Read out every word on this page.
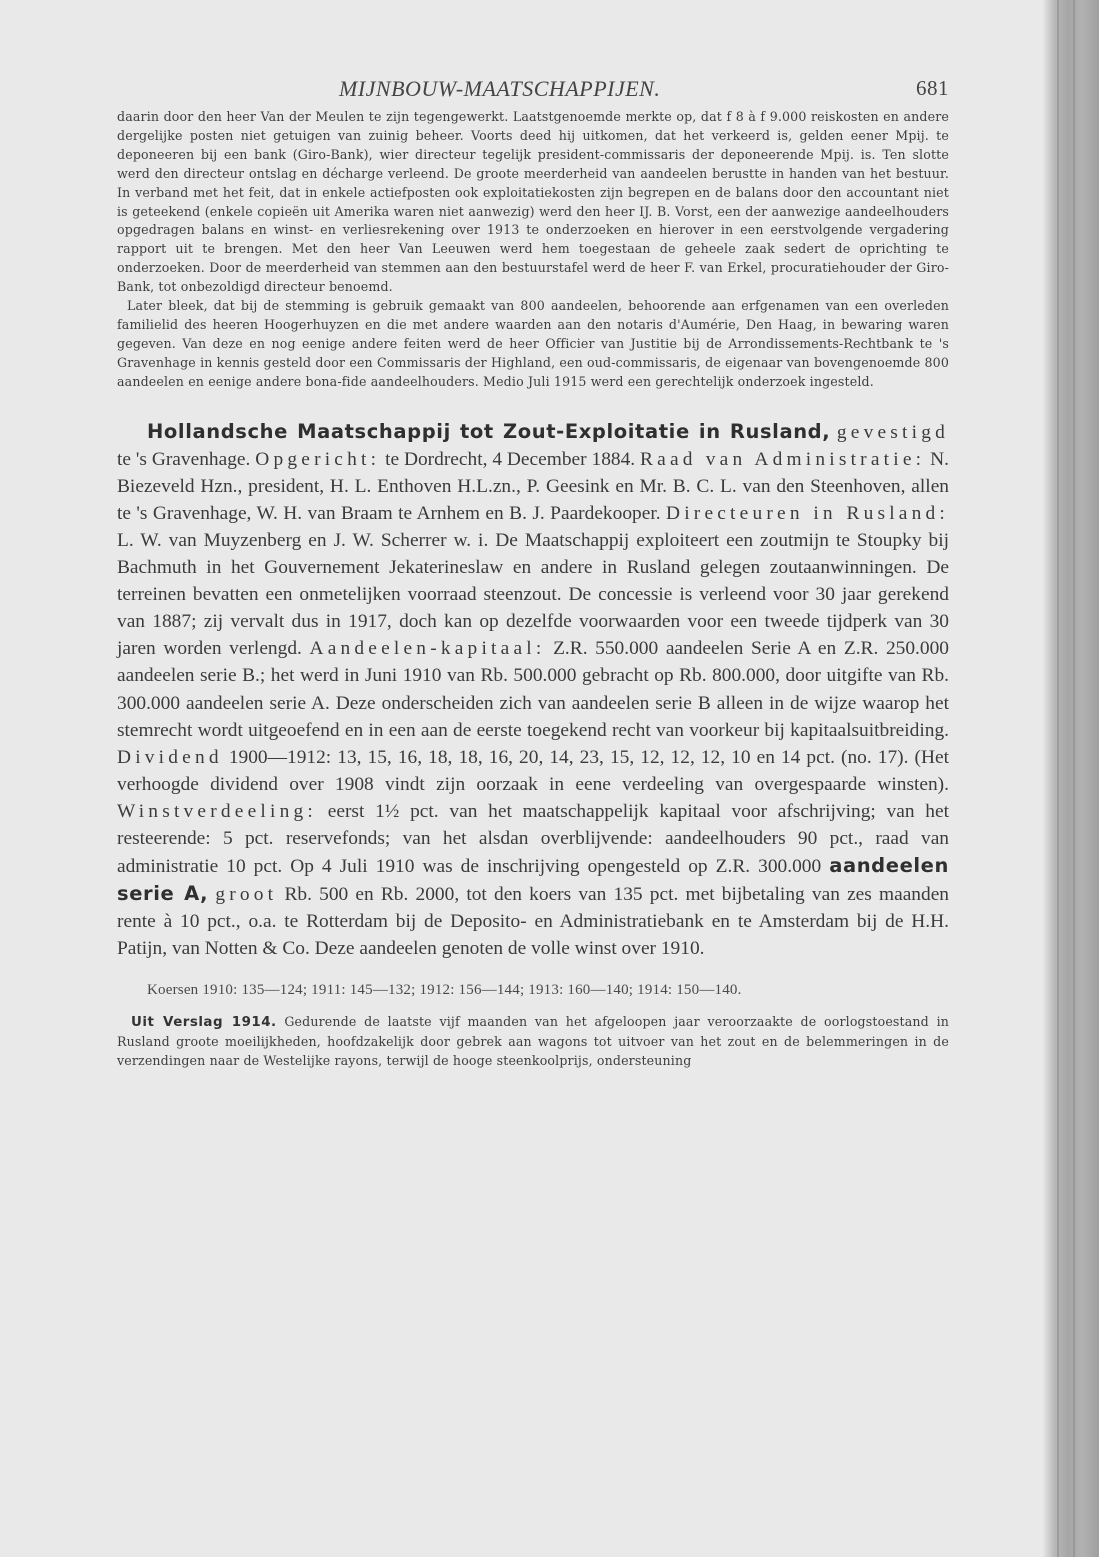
MIJNBOUW-MAATSCHAPPIJEN.	681

daarin door den heer Van der Meulen te zijn tegengewerkt. Laatstgenoemde merkte op, dat f 8 à f 9.000 reiskosten en andere dergelijke posten niet getuigen van zuinig beheer. Voorts deed hij uitkomen, dat het verkeerd is, gelden eener Mpij. te deponeeren bij een bank (Giro-Bank), wier directeur tegelijk president-commissaris der deponeerende Mpij. is. Ten slotte werd den directeur ontslag en décharge verleend. De groote meerderheid van aandeelen berustte in handen van het bestuur. In verband met het feit, dat in enkele actiefposten ook exploitatiekosten zijn begrepen en de balans door den accountant niet is geteekend (enkele copieën uit Amerika waren niet aanwezig) werd den heer IJ. B. Vorst, een der aanwezige aandeelhouders opgedragen balans en winst- en verliesrekening over 1913 te onderzoeken en hierover in een eerstvolgende vergadering rapport uit te brengen. Met den heer Van Leeuwen werd hem toegestaan de geheele zaak sedert de oprichting te onderzoeken. Door de meerderheid van stemmen aan den bestuurstafel werd de heer F. van Erkel, procuratiehouder der Giro-Bank, tot onbezoldigd directeur benoemd.

Later bleek, dat bij de stemming is gebruik gemaakt van 800 aandeelen, behoorende aan erfgenamen van een overleden familielid des heeren Hoogerhuyzen en die met andere waarden aan den notaris d'Aumérie, Den Haag, in bewaring waren gegeven. Van deze en nog eenige andere feiten werd de heer Officier van Justitie bij de Arrondissements-Rechtbank te 's Gravenhage in kennis gesteld door een Commissaris der Highland, een oud-commissaris, de eigenaar van bovengenoemde 800 aandeelen en eenige andere bona-fide aandeelhouders. Medio Juli 1915 werd een gerechtelijk onderzoek ingesteld.

Hollandsche Maatschappij tot Zout-Exploitatie in Rusland, gevestigd te 's Gravenhage. Opgericht: te Dordrecht, 4 December 1884. Raad van Administratie: N. Biezeveld Hzn., president, H. L. Enthoven H.L.zn., P. Geesink en Mr. B. C. L. van den Steenhoven, allen te 's Gravenhage, W. H. van Braam te Arnhem en B. J. Paardekooper. Directeuren in Rusland: L. W. van Muyzenberg en J. W. Scherrer w. i. De Maatschappij exploiteert een zoutmijn te Stoupky bij Bachmuth in het Gouvernement Jekaterineslaw en andere in Rusland gelegen zoutaanwinningen. De terreinen bevatten een onmetelijken voorraad steenzout. De concessie is verleend voor 30 jaar gerekend van 1887; zij vervalt dus in 1917, doch kan op dezelfde voorwaarden voor een tweede tijdperk van 30 jaren worden verlengd. Aandeelen-kapitaal: Z.R. 550.000 aandeelen Serie A en Z.R. 250.000 aandeelen serie B.; het werd in Juni 1910 van Rb. 500.000 gebracht op Rb. 800.000, door uitgifte van Rb. 300.000 aandeelen serie A. Deze onderscheiden zich van aandeelen serie B alleen in de wijze waarop het stemrecht wordt uitgeoefend en in een aan de eerste toegekend recht van voorkeur bij kapitaalsuitbreiding. Dividend 1900—1912: 13, 15, 16, 18, 18, 16, 20, 14, 23, 15, 12, 12, 12, 10 en 14 pct. (no. 17). (Het verhoogde dividend over 1908 vindt zijn oorzaak in eene verdeeling van overgespaarde winsten). Winstverdeeling: eerst 1½ pct. van het maatschappelijk kapitaal voor afschrijving; van het resteerende: 5 pct. reservefonds; van het alsdan overblijvende: aandeelhouders 90 pct., raad van administratie 10 pct. Op 4 Juli 1910 was de inschrijving opengesteld op Z.R. 300.000 aandeelen serie A, groot Rb. 500 en Rb. 2000, tot den koers van 135 pct. met bijbetaling van zes maanden rente à 10 pct., o.a. te Rotterdam bij de Deposito- en Administratiebank en te Amsterdam bij de H.H. Patijn, van Notten & Co. Deze aandeelen genoten de volle winst over 1910.

Koersen 1910: 135—124; 1911: 145—132; 1912: 156—144; 1913: 160—140; 1914: 150—140.

Uit Verslag 1914. Gedurende de laatste vijf maanden van het afgeloopen jaar veroorzaakte de oorlogstoestand in Rusland groote moeilijkheden, hoofdzakelijk door gebrek aan wagons tot uitvoer van het zout en de belemmeringen in de verzendingen naar de Westelijke rayons, terwijl de hooge steenkoolprijs, ondersteuning
